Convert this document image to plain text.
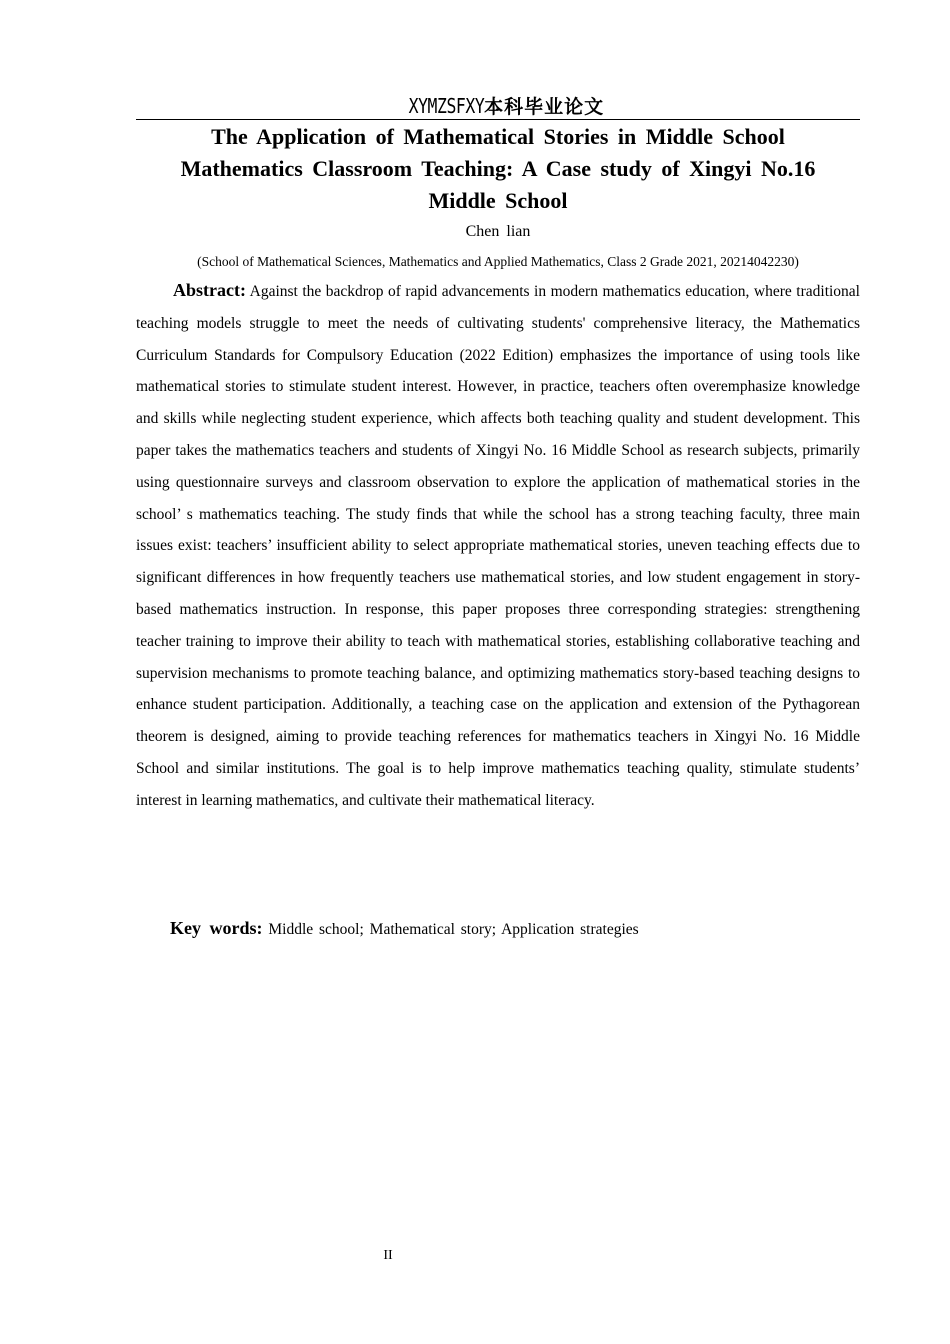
XYMZSFXY本科毕业论文
The Application of Mathematical Stories in Middle School Mathematics Classroom Teaching: A Case study of Xingyi No.16 Middle School
Chen lian
(School of Mathematical Sciences, Mathematics and Applied Mathematics, Class 2 Grade 2021, 20214042230)

Abstract: Against the backdrop of rapid advancements in modern mathematics education, where traditional teaching models struggle to meet the needs of cultivating students' comprehensive literacy, the Mathematics Curriculum Standards for Compulsory Education (2022 Edition) emphasizes the importance of using tools like mathematical stories to stimulate student interest. However, in practice, teachers often overemphasize knowledge and skills while neglecting student experience, which affects both teaching quality and student development. This paper takes the mathematics teachers and students of Xingyi No. 16 Middle School as research subjects, primarily using questionnaire surveys and classroom observation to explore the application of mathematical stories in the school’ s mathematics teaching. The study finds that while the school has a strong teaching faculty, three main issues exist: teachers’ insufficient ability to select appropriate mathematical stories, uneven teaching effects due to significant differences in how frequently teachers use mathematical stories, and low student engagement in story-based mathematics instruction. In response, this paper proposes three corresponding strategies: strengthening teacher training to improve their ability to teach with mathematical stories, establishing collaborative teaching and supervision mechanisms to promote teaching balance, and optimizing mathematics story-based teaching designs to enhance student participation. Additionally, a teaching case on the application and extension of the Pythagorean theorem is designed, aiming to provide teaching references for mathematics teachers in Xingyi No. 16 Middle School and similar institutions. The goal is to help improve mathematics teaching quality, stimulate students’ interest in learning mathematics, and cultivate their mathematical literacy.

Key words: Middle school; Mathematical story; Application strategies

II
